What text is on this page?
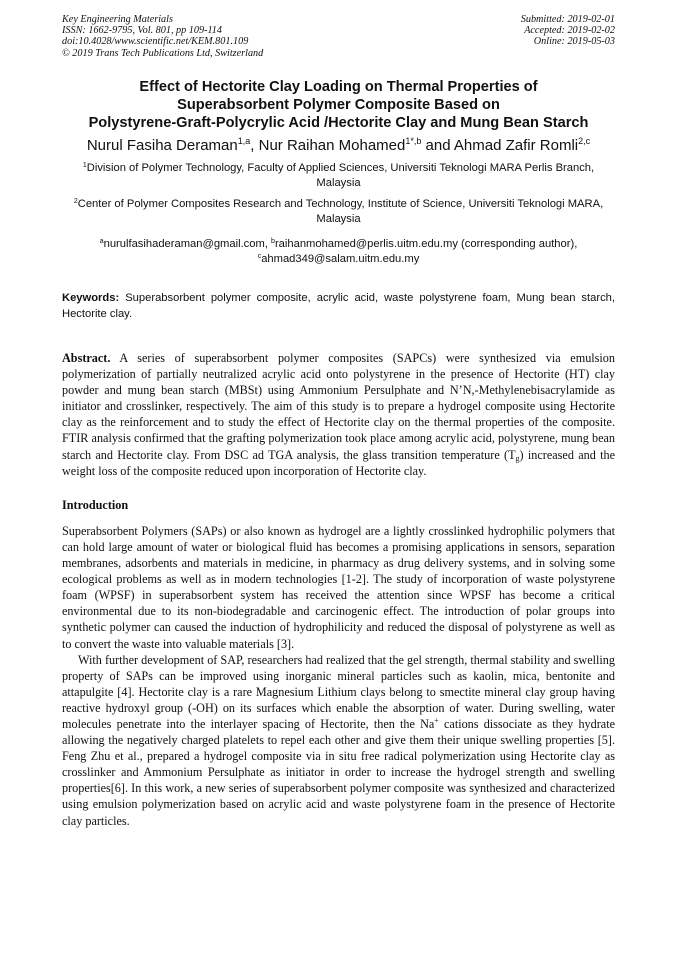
Key Engineering Materials
ISSN: 1662-9795, Vol. 801, pp 109-114
doi:10.4028/www.scientific.net/KEM.801.109
© 2019 Trans Tech Publications Ltd, Switzerland
Submitted: 2019-02-01
Accepted: 2019-02-02
Online: 2019-05-03
Effect of Hectorite Clay Loading on Thermal Properties of
Superabsorbent Polymer Composite Based on
Polystyrene-Graft-Polycrylic Acid /Hectorite Clay and Mung Bean Starch
Nurul Fasiha Deraman$^{1,a}$, Nur Raihan Mohamed$^{1*,b}$ and Ahmad Zafir Romli$^{2,c}$
$^1$Division of Polymer Technology, Faculty of Applied Sciences, Universiti Teknologi MARA Perlis Branch, Malaysia
$^2$Center of Polymer Composites Research and Technology, Institute of Science, Universiti Teknologi MARA, Malaysia
$^a$nurulfasihaderaman@gmail.com, $^b$raihanmohamed@perlis.uitm.edu.my (corresponding author),
$^c$ahmad349@salam.uitm.edu.my
Keywords: Superabsorbent polymer composite, acrylic acid, waste polystyrene foam, Mung bean starch, Hectorite clay.
Abstract. A series of superabsorbent polymer composites (SAPCs) were synthesized via emulsion polymerization of partially neutralized acrylic acid onto polystyrene in the presence of Hectorite (HT) clay powder and mung bean starch (MBSt) using Ammonium Persulphate and N’N,-Methylenebisacrylamide as initiator and crosslinker, respectively. The aim of this study is to prepare a hydrogel composite using Hectorite clay as the reinforcement and to study the effect of Hectorite clay on the thermal properties of the composite. FTIR analysis confirmed that the grafting polymerization took place among acrylic acid, polystyrene, mung bean starch and Hectorite clay. From DSC ad TGA analysis, the glass transition temperature $(T_g)$ increased and the weight loss of the composite reduced upon incorporation of Hectorite clay.
Introduction

Superabsorbent Polymers (SAPs) or also known as hydrogel are a lightly crosslinked hydrophilic polymers that can hold large amount of water or biological fluid has becomes a promising applications in sensors, separation membranes, adsorbents and materials in medicine, in pharmacy as drug delivery systems, and in solving some ecological problems as well as in modern technologies [1-2]. The study of incorporation of waste polystyrene foam (WPSF) in superabsorbent system has received the attention since WPSF has become a critical environmental due to its non-biodegradable and carcinogenic effect. The introduction of polar groups into synthetic polymer can caused the induction of hydrophilicity and reduced the disposal of polystyrene as well as to convert the waste into valuable materials [3].

With further development of SAP, researchers had realized that the gel strength, thermal stability and swelling property of SAPs can be improved using inorganic mineral particles such as kaolin, mica, bentonite and attapulgite [4]. Hectorite clay is a rare Magnesium Lithium clays belong to smectite mineral clay group having reactive hydroxyl group (-OH) on its surfaces which enable the absorption of water. During swelling, water molecules penetrate into the interlayer spacing of Hectorite, then the Na+ cations dissociate as they hydrate allowing the negatively charged platelets to repel each other and give them their unique swelling properties [5]. Feng Zhu et al., prepared a hydrogel composite via in situ free radical polymerization using Hectorite clay as crosslinker and Ammonium Persulphate as initiator in order to increase the hydrogel strength and swelling properties[6]. In this work, a new series of superabsorbent polymer composite was synthesized and characterized using emulsion polymerization based on acrylic acid and waste polystyrene foam in the presence of Hectorite clay particles.
